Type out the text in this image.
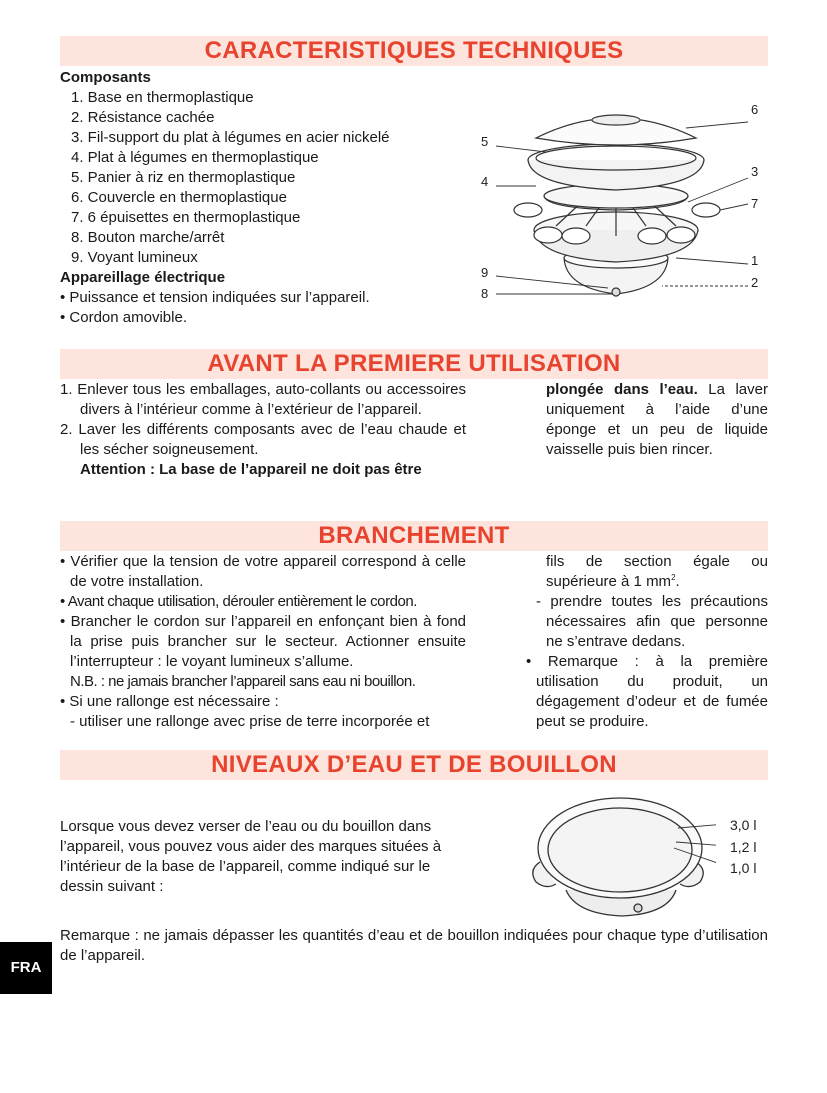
CARACTERISTIQUES TECHNIQUES
Composants
1. Base en thermoplastique
2. Résistance cachée
3. Fil-support du plat à légumes en acier nickelé
4. Plat à légumes en thermoplastique
5. Panier à riz en thermoplastique
6. Couvercle en thermoplastique
7. 6 épuisettes en thermoplastique
8. Bouton marche/arrêt
9. Voyant lumineux
Appareillage électrique
• Puissance et tension indiquées sur l’appareil.
• Cordon amovible.
5
4
6
3
7
1
2
9
8
AVANT LA PREMIERE UTILISATION
1. Enlever tous les emballages, auto-collants ou accessoires divers à l’intérieur comme à l’extérieur de l’appareil.
2. Laver les différents composants avec de l’eau chaude et les sécher soigneusement.
Attention : La base de l’appareil ne doit pas être
plongée dans l’eau. La laver uniquement à l’aide d’une éponge et un peu de liquide vaisselle puis bien rincer.
BRANCHEMENT
• Vérifier que la tension de votre appareil correspond à celle de votre installation.
• Avant chaque utilisation, dérouler entièrement le cordon.
• Brancher le cordon sur l’appareil en enfonçant bien à fond la prise puis brancher sur le secteur. Actionner ensuite l’interrupteur : le voyant lumineux s’allume.
N.B. : ne jamais brancher l’appareil sans eau ni bouillon.
• Si une rallonge est nécessaire :
- utiliser une rallonge avec prise de terre incorporée et
fils de section égale ou supérieure à 1 $mm^2$.
- prendre toutes les précautions nécessaires afin que personne ne s’entrave dedans.
• Remarque : à la première utilisation du produit, un dégagement d’odeur et de fumée peut se produire.
NIVEAUX D’EAU ET DE BOUILLON
Lorsque vous devez verser de l’eau ou du bouillon dans l’appareil, vous pouvez vous aider des marques situées à l’intérieur de la base de l’appareil, comme indiqué sur le dessin suivant :
3,0 l
1,2 l
1,0 l
Remarque : ne jamais dépasser les quantités d’eau et de bouillon indiquées pour chaque type d’utilisation de l’appareil.
FRA
